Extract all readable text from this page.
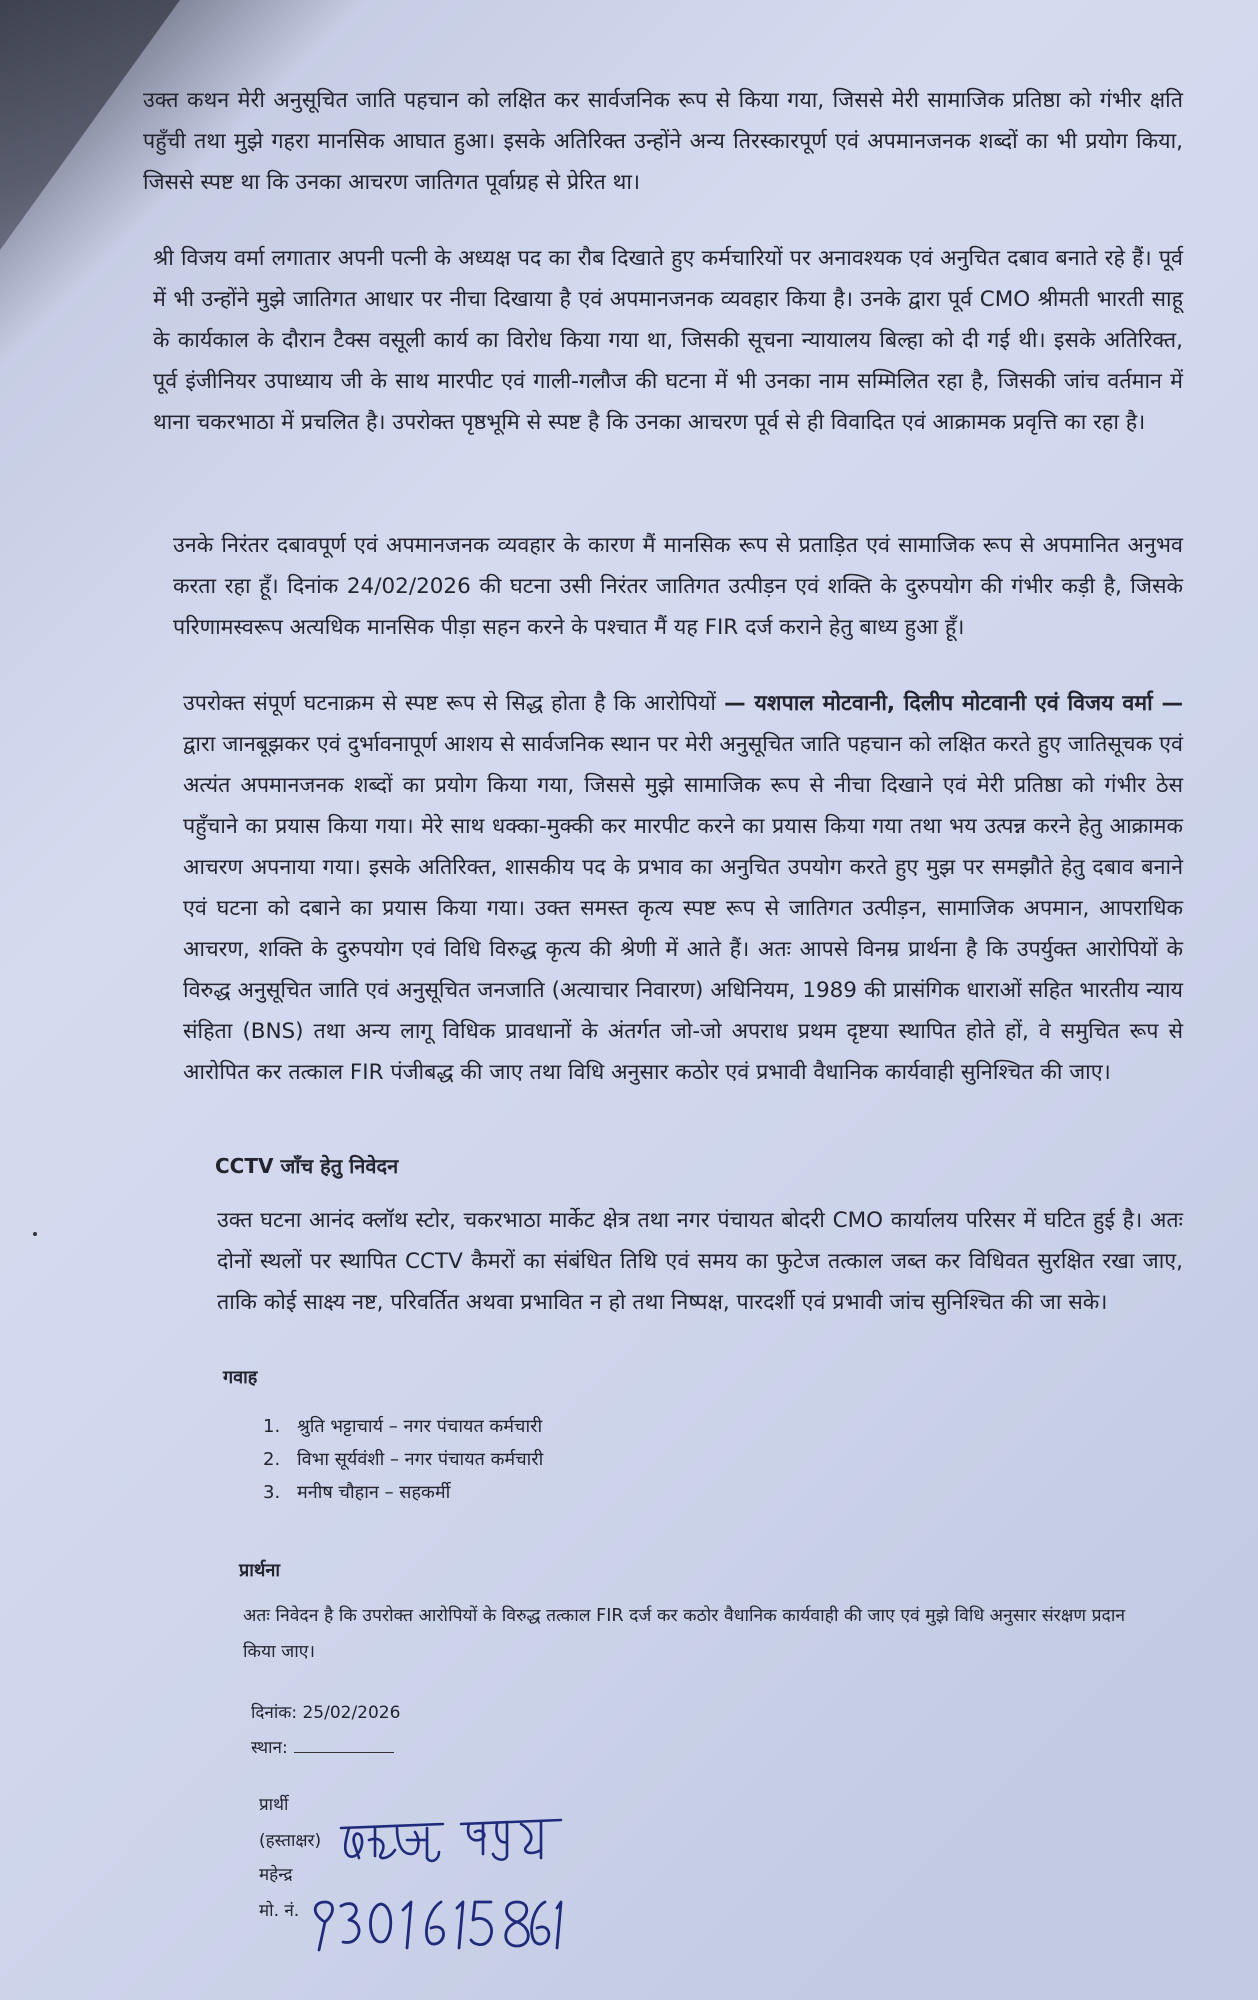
उक्त कथन मेरी अनुसूचित जाति पहचान को लक्षित कर सार्वजनिक रूप से किया गया, जिससे मेरी सामाजिक प्रतिष्ठा को गंभीर क्षति पहुँची तथा मुझे गहरा मानसिक आघात हुआ। इसके अतिरिक्त उन्होंने अन्य तिरस्कारपूर्ण एवं अपमानजनक शब्दों का भी प्रयोग किया, जिससे स्पष्ट था कि उनका आचरण जातिगत पूर्वाग्रह से प्रेरित था।

श्री विजय वर्मा लगातार अपनी पत्नी के अध्यक्ष पद का रौब दिखाते हुए कर्मचारियों पर अनावश्यक एवं अनुचित दबाव बनाते रहे हैं। पूर्व में भी उन्होंने मुझे जातिगत आधार पर नीचा दिखाया है एवं अपमानजनक व्यवहार किया है। उनके द्वारा पूर्व CMO श्रीमती भारती साहू के कार्यकाल के दौरान टैक्स वसूली कार्य का विरोध किया गया था, जिसकी सूचना न्यायालय बिल्हा को दी गई थी। इसके अतिरिक्त, पूर्व इंजीनियर उपाध्याय जी के साथ मारपीट एवं गाली-गलौज की घटना में भी उनका नाम सम्मिलित रहा है, जिसकी जांच वर्तमान में थाना चकरभाठा में प्रचलित है। उपरोक्त पृष्ठभूमि से स्पष्ट है कि उनका आचरण पूर्व से ही विवादित एवं आक्रामक प्रवृत्ति का रहा है।

उनके निरंतर दबावपूर्ण एवं अपमानजनक व्यवहार के कारण मैं मानसिक रूप से प्रताड़ित एवं सामाजिक रूप से अपमानित अनुभव करता रहा हूँ। दिनांक 24/02/2026 की घटना उसी निरंतर जातिगत उत्पीड़न एवं शक्ति के दुरुपयोग की गंभीर कड़ी है, जिसके परिणामस्वरूप अत्यधिक मानसिक पीड़ा सहन करने के पश्चात मैं यह FIR दर्ज कराने हेतु बाध्य हुआ हूँ।

उपरोक्त संपूर्ण घटनाक्रम से स्पष्ट रूप से सिद्ध होता है कि आरोपियों — यशपाल मोटवानी, दिलीप मोटवानी एवं विजय वर्मा — द्वारा जानबूझकर एवं दुर्भावनापूर्ण आशय से सार्वजनिक स्थान पर मेरी अनुसूचित जाति पहचान को लक्षित करते हुए जातिसूचक एवं अत्यंत अपमानजनक शब्दों का प्रयोग किया गया, जिससे मुझे सामाजिक रूप से नीचा दिखाने एवं मेरी प्रतिष्ठा को गंभीर ठेस पहुँचाने का प्रयास किया गया। मेरे साथ धक्का-मुक्की कर मारपीट करने का प्रयास किया गया तथा भय उत्पन्न करने हेतु आक्रामक आचरण अपनाया गया। इसके अतिरिक्त, शासकीय पद के प्रभाव का अनुचित उपयोग करते हुए मुझ पर समझौते हेतु दबाव बनाने एवं घटना को दबाने का प्रयास किया गया। उक्त समस्त कृत्य स्पष्ट रूप से जातिगत उत्पीड़न, सामाजिक अपमान, आपराधिक आचरण, शक्ति के दुरुपयोग एवं विधि विरुद्ध कृत्य की श्रेणी में आते हैं। अतः आपसे विनम्र प्रार्थना है कि उपर्युक्त आरोपियों के विरुद्ध अनुसूचित जाति एवं अनुसूचित जनजाति (अत्याचार निवारण) अधिनियम, 1989 की प्रासंगिक धाराओं सहित भारतीय न्याय संहिता (BNS) तथा अन्य लागू विधिक प्रावधानों के अंतर्गत जो-जो अपराध प्रथम दृष्टया स्थापित होते हों, वे समुचित रूप से आरोपित कर तत्काल FIR पंजीबद्ध की जाए तथा विधि अनुसार कठोर एवं प्रभावी वैधानिक कार्यवाही सुनिश्चित की जाए।

CCTV जाँच हेतु निवेदन

उक्त घटना आनंद क्लॉथ स्टोर, चकरभाठा मार्केट क्षेत्र तथा नगर पंचायत बोदरी CMO कार्यालय परिसर में घटित हुई है। अतः दोनों स्थलों पर स्थापित CCTV कैमरों का संबंधित तिथि एवं समय का फुटेज तत्काल जब्त कर विधिवत सुरक्षित रखा जाए, ताकि कोई साक्ष्य नष्ट, परिवर्तित अथवा प्रभावित न हो तथा निष्पक्ष, पारदर्शी एवं प्रभावी जांच सुनिश्चित की जा सके।

गवाह
1. श्रुति भट्टाचार्य – नगर पंचायत कर्मचारी
2. विभा सूर्यवंशी – नगर पंचायत कर्मचारी
3. मनीष चौहान – सहकर्मी
प्रार्थना

अतः निवेदन है कि उपरोक्त आरोपियों के विरुद्ध तत्काल FIR दर्ज कर कठोर वैधानिक कार्यवाही की जाए एवं मुझे विधि अनुसार संरक्षण प्रदान किया जाए।

दिनांक: 25/02/2026
स्थान:
प्रार्थी
(हस्ताक्षर)
महेन्द्र
मो. नं.
